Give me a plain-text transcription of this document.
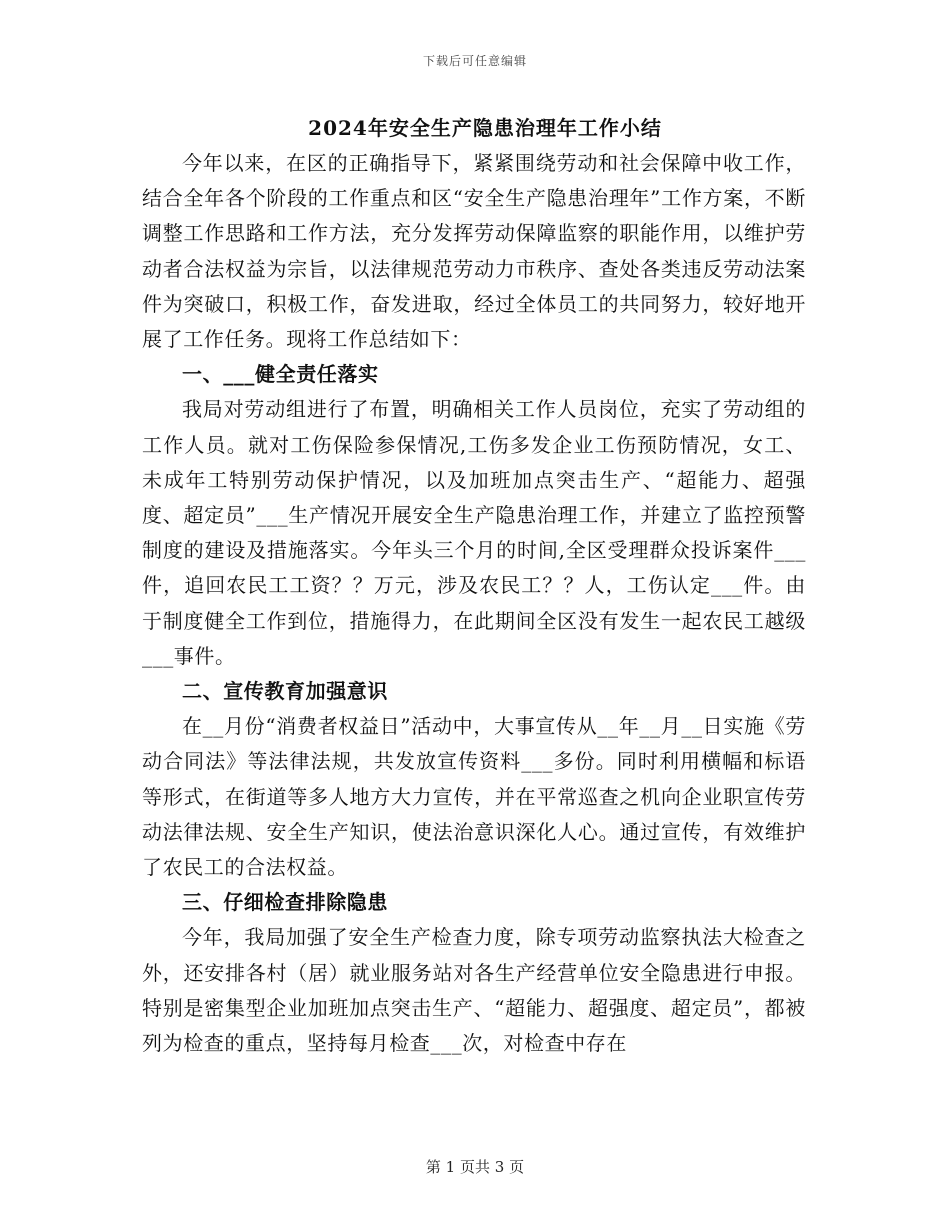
下载后可任意编辑
2024年安全生产隐患治理年工作小结

今年以来，在区的正确指导下，紧紧围绕劳动和社会保障中收工作，结合全年各个阶段的工作重点和区“安全生产隐患治理年”工作方案，不断调整工作思路和工作方法，充分发挥劳动保障监察的职能作用，以维护劳动者合法权益为宗旨，以法律规范劳动力市秩序、查处各类违反劳动法案件为突破口，积极工作，奋发进取，经过全体员工的共同努力，较好地开展了工作任务。现将工作总结如下：

一、___健全责任落实

我局对劳动组进行了布置，明确相关工作人员岗位，充实了劳动组的工作人员。就对工伤保险参保情况,工伤多发企业工伤预防情况，女工、未成年工特别劳动保护情况，以及加班加点突击生产、“超能力、超强度、超定员”___生产情况开展安全生产隐患治理工作，并建立了监控预警制度的建设及措施落实。今年头三个月的时间,全区受理群众投诉案件___件，追回农民工工资？？万元，涉及农民工？？人，工伤认定___件。由于制度健全工作到位，措施得力，在此期间全区没有发生一起农民工越级___事件。

二、宣传教育加强意识

在__月份“消费者权益日”活动中，大事宣传从__年__月__日实施《劳动合同法》等法律法规，共发放宣传资料___多份。同时利用横幅和标语等形式，在街道等多人地方大力宣传，并在平常巡查之机向企业职宣传劳动法律法规、安全生产知识，使法治意识深化人心。通过宣传，有效维护了农民工的合法权益。

三、仔细检查排除隐患

今年，我局加强了安全生产检查力度，除专项劳动监察执法大检查之外，还安排各村（居）就业服务站对各生产经营单位安全隐患进行申报。特别是密集型企业加班加点突击生产、“超能力、超强度、超定员”，都被列为检查的重点，坚持每月检查___次，对检查中存在

第 1 页共 3 页
